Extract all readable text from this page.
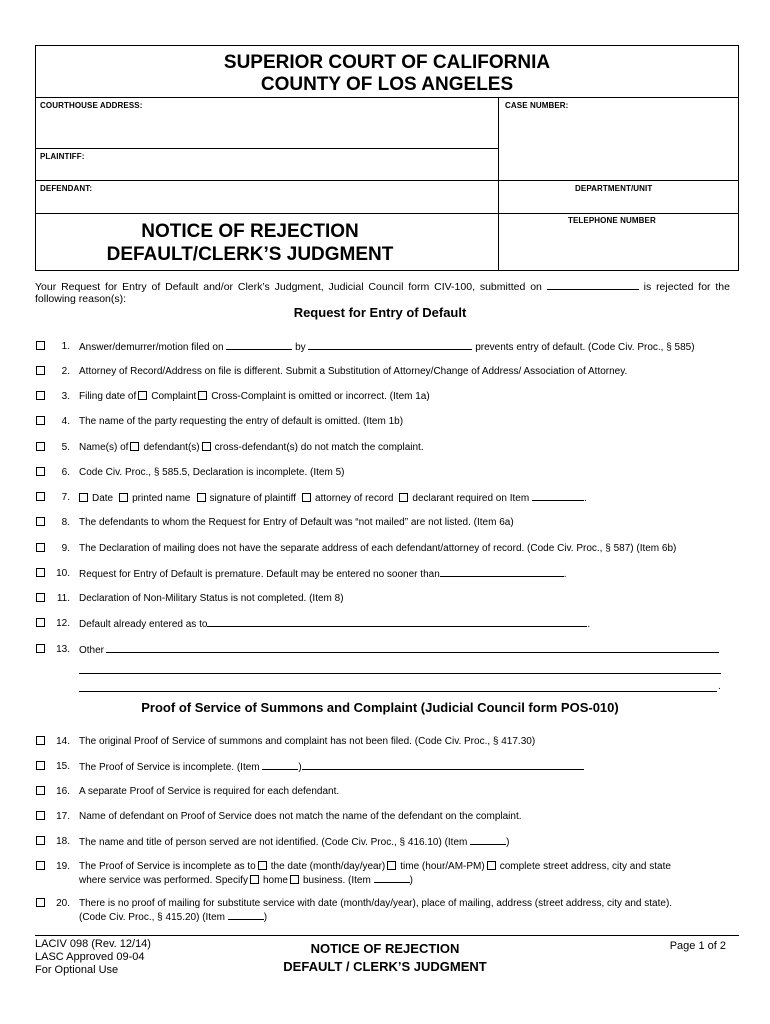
SUPERIOR COURT OF CALIFORNIA
COUNTY OF LOS ANGELES
COURTHOUSE ADDRESS:	CASE NUMBER:
PLAINTIFF:
DEFENDANT:	DEPARTMENT/UNIT
TELEPHONE NUMBER
NOTICE OF REJECTION
DEFAULT/CLERK’S JUDGMENT
Your Request for Entry of Default and/or Clerk’s Judgment, Judicial Council form CIV-100, submitted on	is rejected for the following reason(s):
Request for Entry of Default
1. Answer/demurrer/motion filed on	by	prevents entry of default. (Code Civ. Proc., § 585)
2. Attorney of Record/Address on file is different. Submit a Substitution of Attorney/Change of Address/ Association of Attorney.
3. Filing date of Complaint Cross-Complaint is omitted or incorrect. (Item 1a)
4. The name of the party requesting the entry of default is omitted. (Item 1b)
5. Name(s) of defendant(s) cross-defendant(s) do not match the complaint.
6. Code Civ. Proc., § 585.5, Declaration is incomplete. (Item 5)
7.	Date printed name signature of plaintiff attorney of record declarant required on Item	.
8. The defendants to whom the Request for Entry of Default was “not mailed” are not listed. (Item 6a)
9. The Declaration of mailing does not have the separate address of each defendant/attorney of record. (Code Civ. Proc., § 587) (Item 6b)
10. Request for Entry of Default is premature. Default may be entered no sooner than	.
11. Declaration of Non-Military Status is not completed. (Item 8)
12. Default already entered as to	.
13. Other
.
Proof of Service of Summons and Complaint (Judicial Council form POS-010)
14. The original Proof of Service of summons and complaint has not been filed. (Code Civ. Proc., § 417.30)
15. The Proof of Service is incomplete. (Item	)
16. A separate Proof of Service is required for each defendant.
17. Name of defendant on Proof of Service does not match the name of the defendant on the complaint.
18. The name and title of person served are not identified. (Code Civ. Proc., § 416.10) (Item	)
19. The Proof of Service is incomplete as to the date (month/day/year) time (hour/AM-PM) complete street address, city and state
where service was performed. Specify home business. (Item	)
20. There is no proof of mailing for substitute service with date (month/day/year), place of mailing, address (street address, city and state).
(Code Civ. Proc., § 415.20) (Item	)
LACIV 098 (Rev. 12/14)
LASC Approved 09-04
For Optional Use
NOTICE OF REJECTION
DEFAULT / CLERK’S JUDGMENT
Page 1 of 2
